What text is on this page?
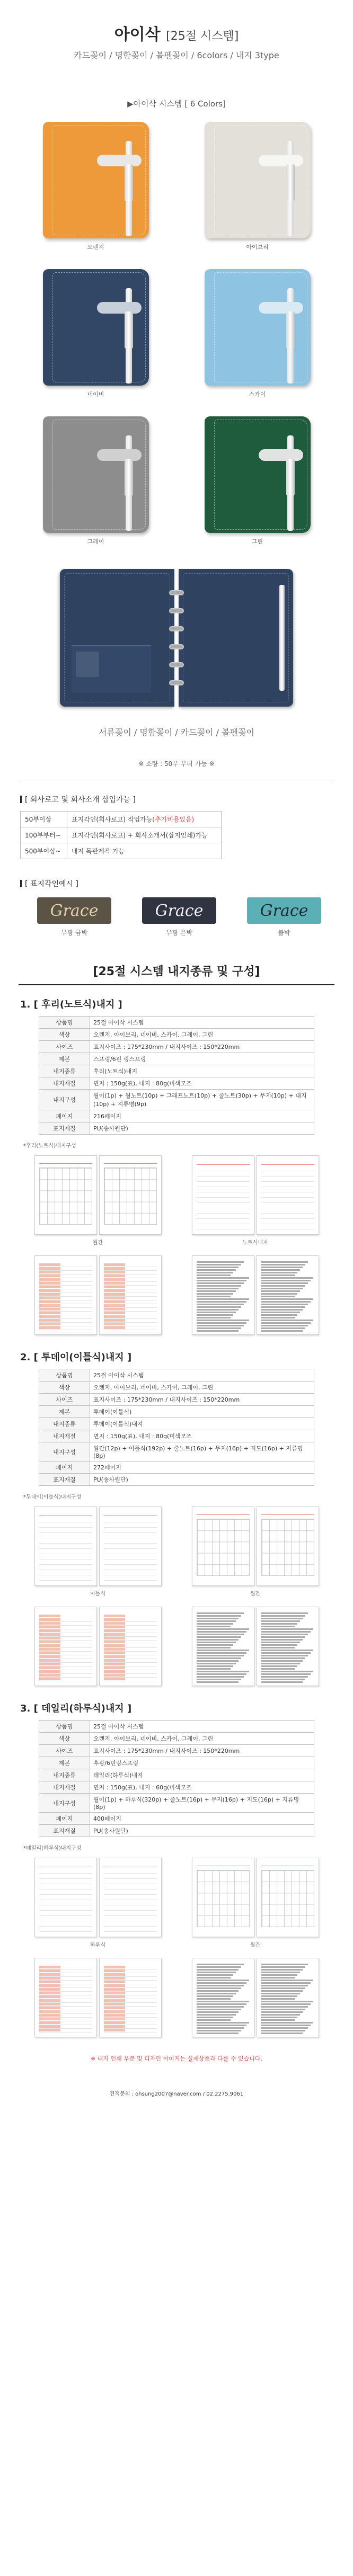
아이삭 [25절 시스템]
카드꽂이 / 명함꽂이 / 볼펜꽂이 / 6colors / 내지 3type
▶아이삭 시스템 [ 6 Colors]
오렌지	아이보리
네이비	스카이
그레이	그린
서류꽂이 / 명함꽂이 / 카드꽂이 / 볼펜꽂이
※ 소량 : 50부 부터 가능 ※
[ 회사로고 및 회사소개 삽입가능 ]
50부이상	표지각인(회사로고) 작업가능(추가비용있음)
100부부터~	표지각인(회사로고) + 회사소개서(삽지인쇄)가능
500부이상~	내지 독판제작 가능
[ 표지각인예시 ]
Grace
무광 금박
Grace
무광 은박
Grace
블박
[25절 시스템 내지종류 및 구성]
1. [ 후리(노트식)내지 ]
상품명	25절 아이삭 시스템
색상	오렌지, 아이보리, 네이비, 스카이, 그레이, 그린
사이즈	표지사이즈 : 175*230mm / 내지사이즈 : 150*220mm
제본	스프링/6핀 링스프링
내지종류	후리(노트식)내지
내지재질	면지 : 150g(표), 내지 : 80g(미색모조
내지구성	월이(1p) + 월노트(10p) + 그래프노트(10p) + 줄노트(30p) + 무지(10p) + 대지(10p) + 지류명(9p)
페이지	216페이지
표지재질	PU(송사원단)
*후리(노트식)내지구성
월간	노트식내지
2. [ 투데이(이틀식)내지 ]
상품명	25절 아이삭 시스템
색상	오렌지, 아이보리, 네이비, 스카이, 그레이, 그린
사이즈	표지사이즈 : 175*230mm / 내지사이즈 : 150*220mm
제본	투데이(이틀식)
내지종류	투데이(이틀식)내지
내지재질	면지 : 150g(표), 내지 : 80g(미색모조
내지구성	월간(12p) + 이틀식(192p) + 줄노트(16p) + 무지(16p) + 지도(16p) + 지류명(8p)
페이지	272페이지
표지재질	PU(송사원단)
*투데이(이틀식)내지구성
이틀식	월간
3. [ 데일리(하루식)내지 ]
상품명	25절 아이삭 시스템
색상	오렌지, 아이보리, 네이비, 스카이, 그레이, 그린
사이즈	표지사이즈 : 175*230mm / 내지사이즈 : 150*220mm
제본	후광/6핀링스프링
내지종류	데일리(하루식)내지
내지재질	면지 : 150g(표), 내지 : 60g(미색모조
내지구성	월이(1p) + 하루식(320p) + 줄노트(16p) + 무지(16p) + 지도(16p) + 지류명(8p)
페이지	400페이지
표지재질	PU(송사원단)
*데일리(하루식)내지구성
하루식	월간
※ 내지 인쇄 부분 및 디자인 이미지는 실제상품과 다를 수 있습니다.
견적문의 : ohsung2007@naver.com / 02.2275.9061
